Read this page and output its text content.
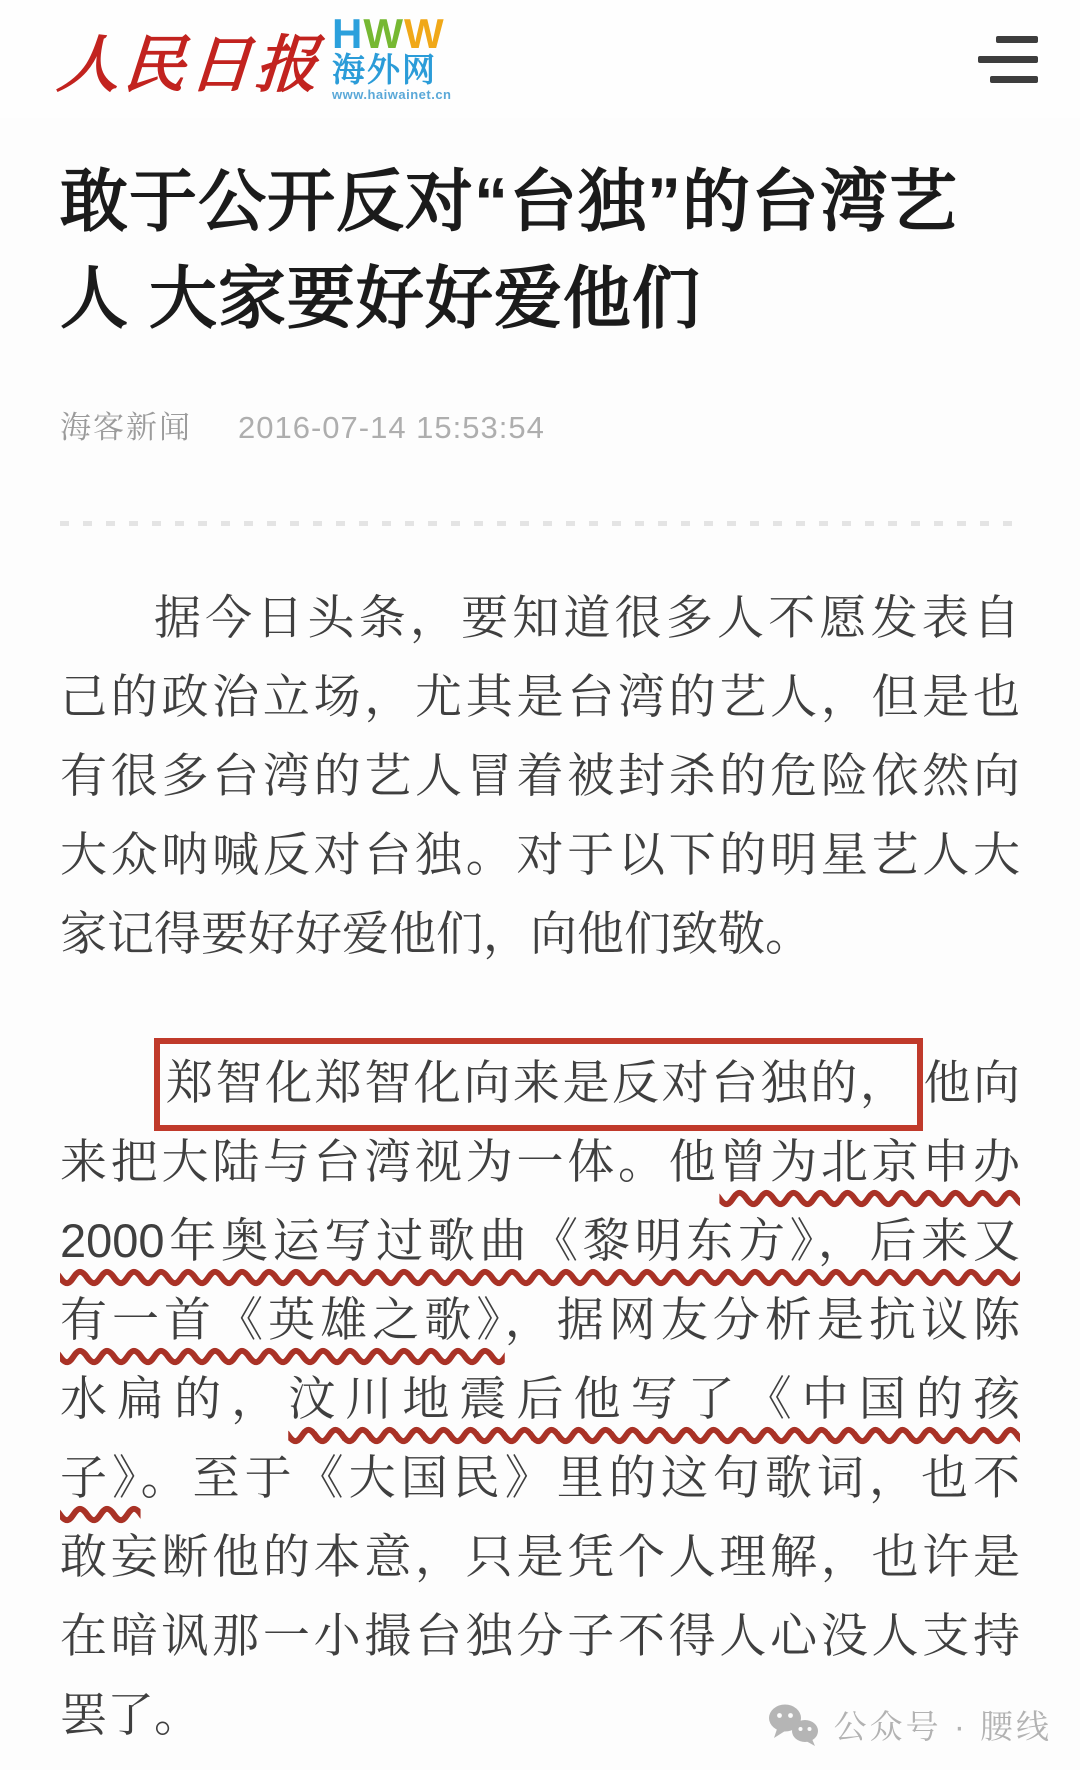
人民日报 HWW
海外网
www.haiwainet.cn
敢于公开反对“台独”的台湾艺
人 大家要好好爱他们
海客新闻 2016-07-14 15:53:54
据今日头条，要知道很多人不愿发表自
己的政治立场，尤其是台湾的艺人，但是也
有很多台湾的艺人冒着被封杀的危险依然向
大众呐喊反对台独。对于以下的明星艺人大
家记得要好好爱他们，向他们致敬。
郑智化郑智化向来是反对台独的， 他向
来把大陆与台湾视为一体。他曾为北京申办
2000年奥运写过歌曲《黎明东方》，后来又
有一首《英雄之歌》，据网友分析是抗议陈
水扁的，汶川地震后他写了《中国的孩
子》。至于《大国民》里的这句歌词，也不
敢妄断他的本意，只是凭个人理解，也许是
在暗讽那一小撮台独分子不得人心没人支持
罢了。	公众号 · 腰线
